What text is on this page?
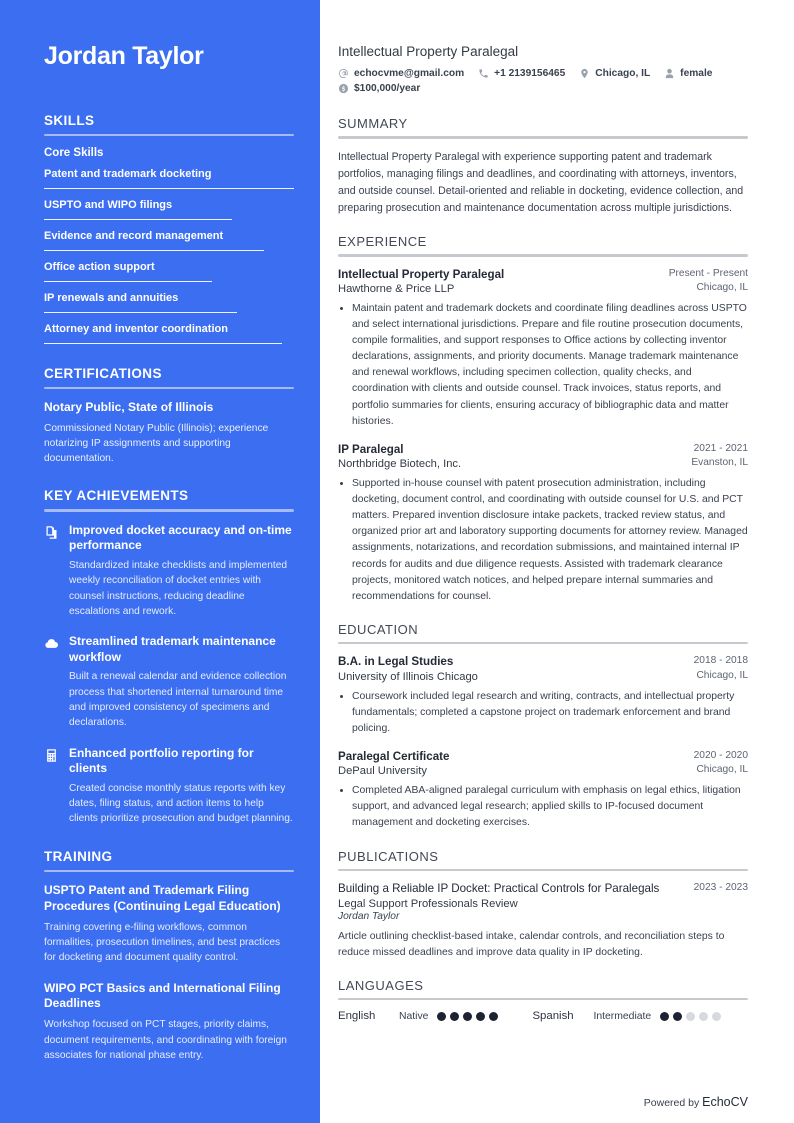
Jordan Taylor
SKILLS
Core Skills
Patent and trademark docketing
USPTO and WIPO filings
Evidence and record management
Office action support
IP renewals and annuities
Attorney and inventor coordination
CERTIFICATIONS
Notary Public, State of Illinois
Commissioned Notary Public (Illinois); experience notarizing IP assignments and supporting documentation.
KEY ACHIEVEMENTS
Improved docket accuracy and on-time performance
Standardized intake checklists and implemented weekly reconciliation of docket entries with counsel instructions, reducing deadline escalations and rework.
Streamlined trademark maintenance workflow
Built a renewal calendar and evidence collection process that shortened internal turnaround time and improved consistency of specimens and declarations.
Enhanced portfolio reporting for clients
Created concise monthly status reports with key dates, filing status, and action items to help clients prioritize prosecution and budget planning.
TRAINING
USPTO Patent and Trademark Filing Procedures (Continuing Legal Education)
Training covering e-filing workflows, common formalities, prosecution timelines, and best practices for docketing and document quality control.
WIPO PCT Basics and International Filing Deadlines
Workshop focused on PCT stages, priority claims, document requirements, and coordinating with foreign associates for national phase entry.
Intellectual Property Paralegal
echocvme@gmail.com	+1 2139156465	Chicago, IL	female
$100,000/year
SUMMARY

Intellectual Property Paralegal with experience supporting patent and trademark portfolios, managing filings and deadlines, and coordinating with attorneys, inventors, and outside counsel. Detail-oriented and reliable in docketing, evidence collection, and preparing prosecution and maintenance documentation across multiple jurisdictions.

EXPERIENCE
Intellectual Property Paralegal	Present - Present
Hawthorne & Price LLP	Chicago, IL
• Maintain patent and trademark dockets and coordinate filing deadlines across USPTO and select international jurisdictions. Prepare and file routine prosecution documents, compile formalities, and support responses to Office actions by collecting inventor declarations, assignments, and priority documents. Manage trademark maintenance and renewal workflows, including specimen collection, quality checks, and coordination with clients and outside counsel. Track invoices, status reports, and portfolio summaries for clients, ensuring accuracy of bibliographic data and matter histories.
IP Paralegal	2021 - 2021
Northbridge Biotech, Inc.	Evanston, IL
• Supported in-house counsel with patent prosecution administration, including docketing, document control, and coordinating with outside counsel for U.S. and PCT matters. Prepared invention disclosure intake packets, tracked review status, and organized prior art and laboratory supporting documents for attorney review. Managed assignments, notarizations, and recordation submissions, and maintained internal IP records for audits and due diligence requests. Assisted with trademark clearance projects, monitored watch notices, and helped prepare internal summaries and recommendations for counsel.
EDUCATION
B.A. in Legal Studies	2018 - 2018
University of Illinois Chicago	Chicago, IL
• Coursework included legal research and writing, contracts, and intellectual property fundamentals; completed a capstone project on trademark enforcement and brand policing.
Paralegal Certificate	2020 - 2020
DePaul University	Chicago, IL
• Completed ABA-aligned paralegal curriculum with emphasis on legal ethics, litigation support, and advanced legal research; applied skills to IP-focused document management and docketing exercises.
PUBLICATIONS
Building a Reliable IP Docket: Practical Controls for Paralegals
Legal Support Professionals Review
Jordan Taylor
2023 - 2023
Article outlining checklist-based intake, calendar controls, and reconciliation steps to reduce missed deadlines and improve data quality in IP docketing.
LANGUAGES
English	Native	Spanish	Intermediate
Powered by EchoCV
